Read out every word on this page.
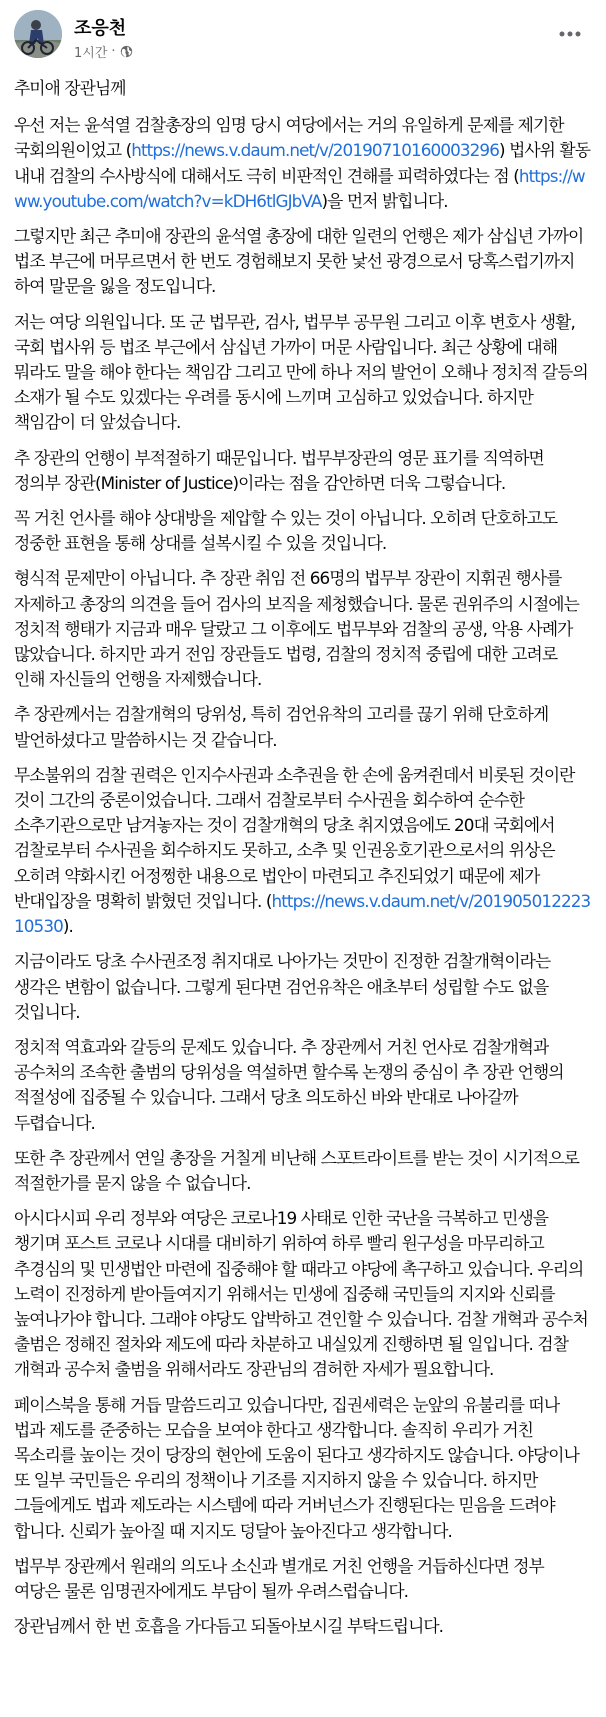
조응천
1시간 ·

추미애 장관님께

우선 저는 윤석열 검찰총장의 임명 당시 여당에서는 거의 유일하게 문제를 제기한 국회의원이었고 (https://news.v.daum.net/v/20190710160003296) 법사위 활동 내내 검찰의 수사방식에 대해서도 극히 비판적인 견해를 피력하였다는 점 (https://www.youtube.com/watch?v=kDH6tlGJbVA)을 먼저 밝힙니다.

그렇지만 최근 추미애 장관의 윤석열 총장에 대한 일련의 언행은 제가 삼십년 가까이 법조 부근에 머무르면서 한 번도 경험해보지 못한 낯선 광경으로서 당혹스럽기까지 하여 말문을 잃을 정도입니다.

저는 여당 의원입니다. 또 군 법무관, 검사, 법무부 공무원 그리고 이후 변호사 생활, 국회 법사위 등 법조 부근에서 삼십년 가까이 머문 사람입니다. 최근 상황에 대해 뭐라도 말을 해야 한다는 책임감 그리고 만에 하나 저의 발언이 오해나 정치적 갈등의 소재가 될 수도 있겠다는 우려를 동시에 느끼며 고심하고 있었습니다. 하지만 책임감이 더 앞섰습니다.

추 장관의 언행이 부적절하기 때문입니다. 법무부장관의 영문 표기를 직역하면 정의부 장관(Minister of Justice)이라는 점을 감안하면 더욱 그렇습니다.

꼭 거친 언사를 해야 상대방을 제압할 수 있는 것이 아닙니다. 오히려 단호하고도 정중한 표현을 통해 상대를 설복시킬 수 있을 것입니다.

형식적 문제만이 아닙니다. 추 장관 취임 전 66명의 법무부 장관이 지휘권 행사를 자제하고 총장의 의견을 들어 검사의 보직을 제청했습니다. 물론 권위주의 시절에는 정치적 행태가 지금과 매우 달랐고 그 이후에도 법무부와 검찰의 공생, 악용 사례가 많았습니다. 하지만 과거 전임 장관들도 법령, 검찰의 정치적 중립에 대한 고려로 인해 자신들의 언행을 자제했습니다.

추 장관께서는 검찰개혁의 당위성, 특히 검언유착의 고리를 끊기 위해 단호하게 발언하셨다고 말씀하시는 것 같습니다.

무소불위의 검찰 권력은 인지수사권과 소추권을 한 손에 움켜쥔데서 비롯된 것이란 것이 그간의 중론이었습니다. 그래서 검찰로부터 수사권을 회수하여 순수한 소추기관으로만 남겨놓자는 것이 검찰개혁의 당초 취지였음에도 20대 국회에서 검찰로부터 수사권을 회수하지도 못하고, 소추 및 인권옹호기관으로서의 위상은 오히려 약화시킨 어정쩡한 내용으로 법안이 마련되고 추진되었기 때문에 제가 반대입장을 명확히 밝혔던 것입니다. (https://news.v.daum.net/v/20190501222310530).

지금이라도 당초 수사권조정 취지대로 나아가는 것만이 진정한 검찰개혁이라는 생각은 변함이 없습니다. 그렇게 된다면 검언유착은 애초부터 성립할 수도 없을 것입니다.

정치적 역효과와 갈등의 문제도 있습니다. 추 장관께서 거친 언사로 검찰개혁과 공수처의 조속한 출범의 당위성을 역설하면 할수록 논쟁의 중심이 추 장관 언행의 적절성에 집중될 수 있습니다. 그래서 당초 의도하신 바와 반대로 나아갈까 두렵습니다.

또한 추 장관께서 연일 총장을 거칠게 비난해 스포트라이트를 받는 것이 시기적으로 적절한가를 묻지 않을 수 없습니다.

아시다시피 우리 정부와 여당은 코로나19 사태로 인한 국난을 극복하고 민생을 챙기며 포스트 코로나 시대를 대비하기 위하여 하루 빨리 원구성을 마무리하고 추경심의 및 민생법안 마련에 집중해야 할 때라고 야당에 촉구하고 있습니다. 우리의 노력이 진정하게 받아들여지기 위해서는 민생에 집중해 국민들의 지지와 신뢰를 높여나가야 합니다. 그래야 야당도 압박하고 견인할 수 있습니다. 검찰 개혁과 공수처 출범은 정해진 절차와 제도에 따라 차분하고 내실있게 진행하면 될 일입니다. 검찰 개혁과 공수처 출범을 위해서라도 장관님의 겸허한 자세가 필요합니다.

페이스북을 통해 거듭 말씀드리고 있습니다만, 집권세력은 눈앞의 유불리를 떠나 법과 제도를 준중하는 모습을 보여야 한다고 생각합니다. 솔직히 우리가 거친 목소리를 높이는 것이 당장의 현안에 도움이 된다고 생각하지도 않습니다. 야당이나 또 일부 국민들은 우리의 정책이나 기조를 지지하지 않을 수 있습니다. 하지만 그들에게도 법과 제도라는 시스템에 따라 거버넌스가 진행된다는 믿음을 드려야 합니다. 신뢰가 높아질 때 지지도 덩달아 높아진다고 생각합니다.

법무부 장관께서 원래의 의도나 소신과 별개로 거친 언행을 거듭하신다면 정부 여당은 물론 임명권자에게도 부담이 될까 우려스럽습니다.

장관님께서 한 번 호흡을 가다듬고 되돌아보시길 부탁드립니다.
